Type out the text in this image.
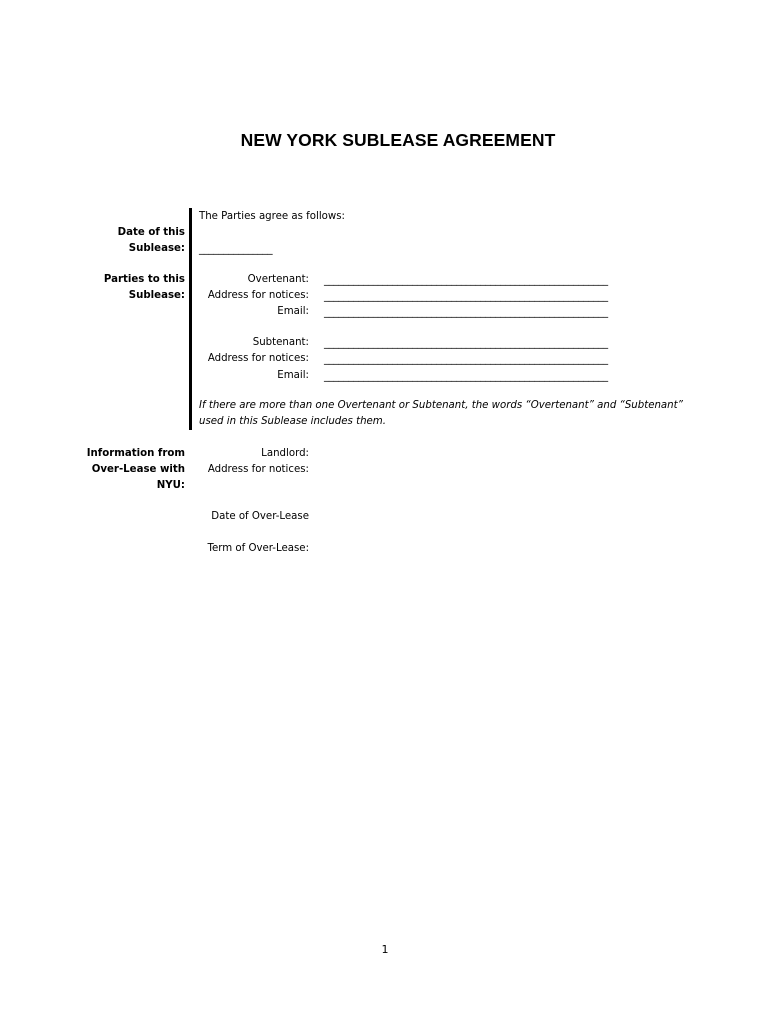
NEW YORK SUBLEASE AGREEMENT
The Parties agree as follows:
Date of this
Sublease: _______________
Parties to this
Sublease:
Overtenant: __________________________________________________________
Address for notices: __________________________________________________________
Email: __________________________________________________________
Subtenant: __________________________________________________________
Address for notices: __________________________________________________________
Email: __________________________________________________________
If there are more than one Overtenant or Subtenant, the words “Overtenant” and “Subtenant” used in this Sublease includes them.
Information from
Over-Lease with
NYU:
Landlord:
Address for notices:
Date of Over-Lease
Term of Over-Lease:
1
